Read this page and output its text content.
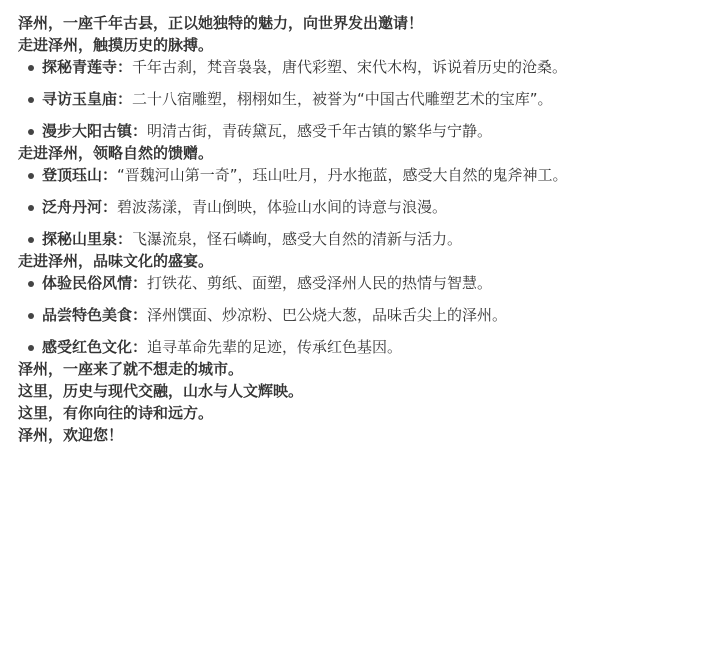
泽州，一座千年古县，正以她独特的魅力，向世界发出邀请！

走进泽州，触摸历史的脉搏。

探秘青莲寺：千年古刹，梵音袅袅，唐代彩塑、宋代木构，诉说着历史的沧桑。
寻访玉皇庙：二十八宿雕塑，栩栩如生，被誉为“中国古代雕塑艺术的宝库”。
漫步大阳古镇：明清古街，青砖黛瓦，感受千年古镇的繁华与宁静。

走进泽州，领略自然的馈赠。

登顶珏山：“晋魏河山第一奇”，珏山吐月，丹水拖蓝，感受大自然的鬼斧神工。
泛舟丹河：碧波荡漾，青山倒映，体验山水间的诗意与浪漫。
探秘山里泉：飞瀑流泉，怪石嶙峋，感受大自然的清新与活力。

走进泽州，品味文化的盛宴。

体验民俗风情：打铁花、剪纸、面塑，感受泽州人民的热情与智慧。
品尝特色美食：泽州馔面、炒凉粉、巴公烧大葱，品味舌尖上的泽州。
感受红色文化：追寻革命先辈的足迹，传承红色基因。

泽州，一座来了就不想走的城市。

这里，历史与现代交融，山水与人文辉映。

这里，有你向往的诗和远方。

泽州，欢迎您！
